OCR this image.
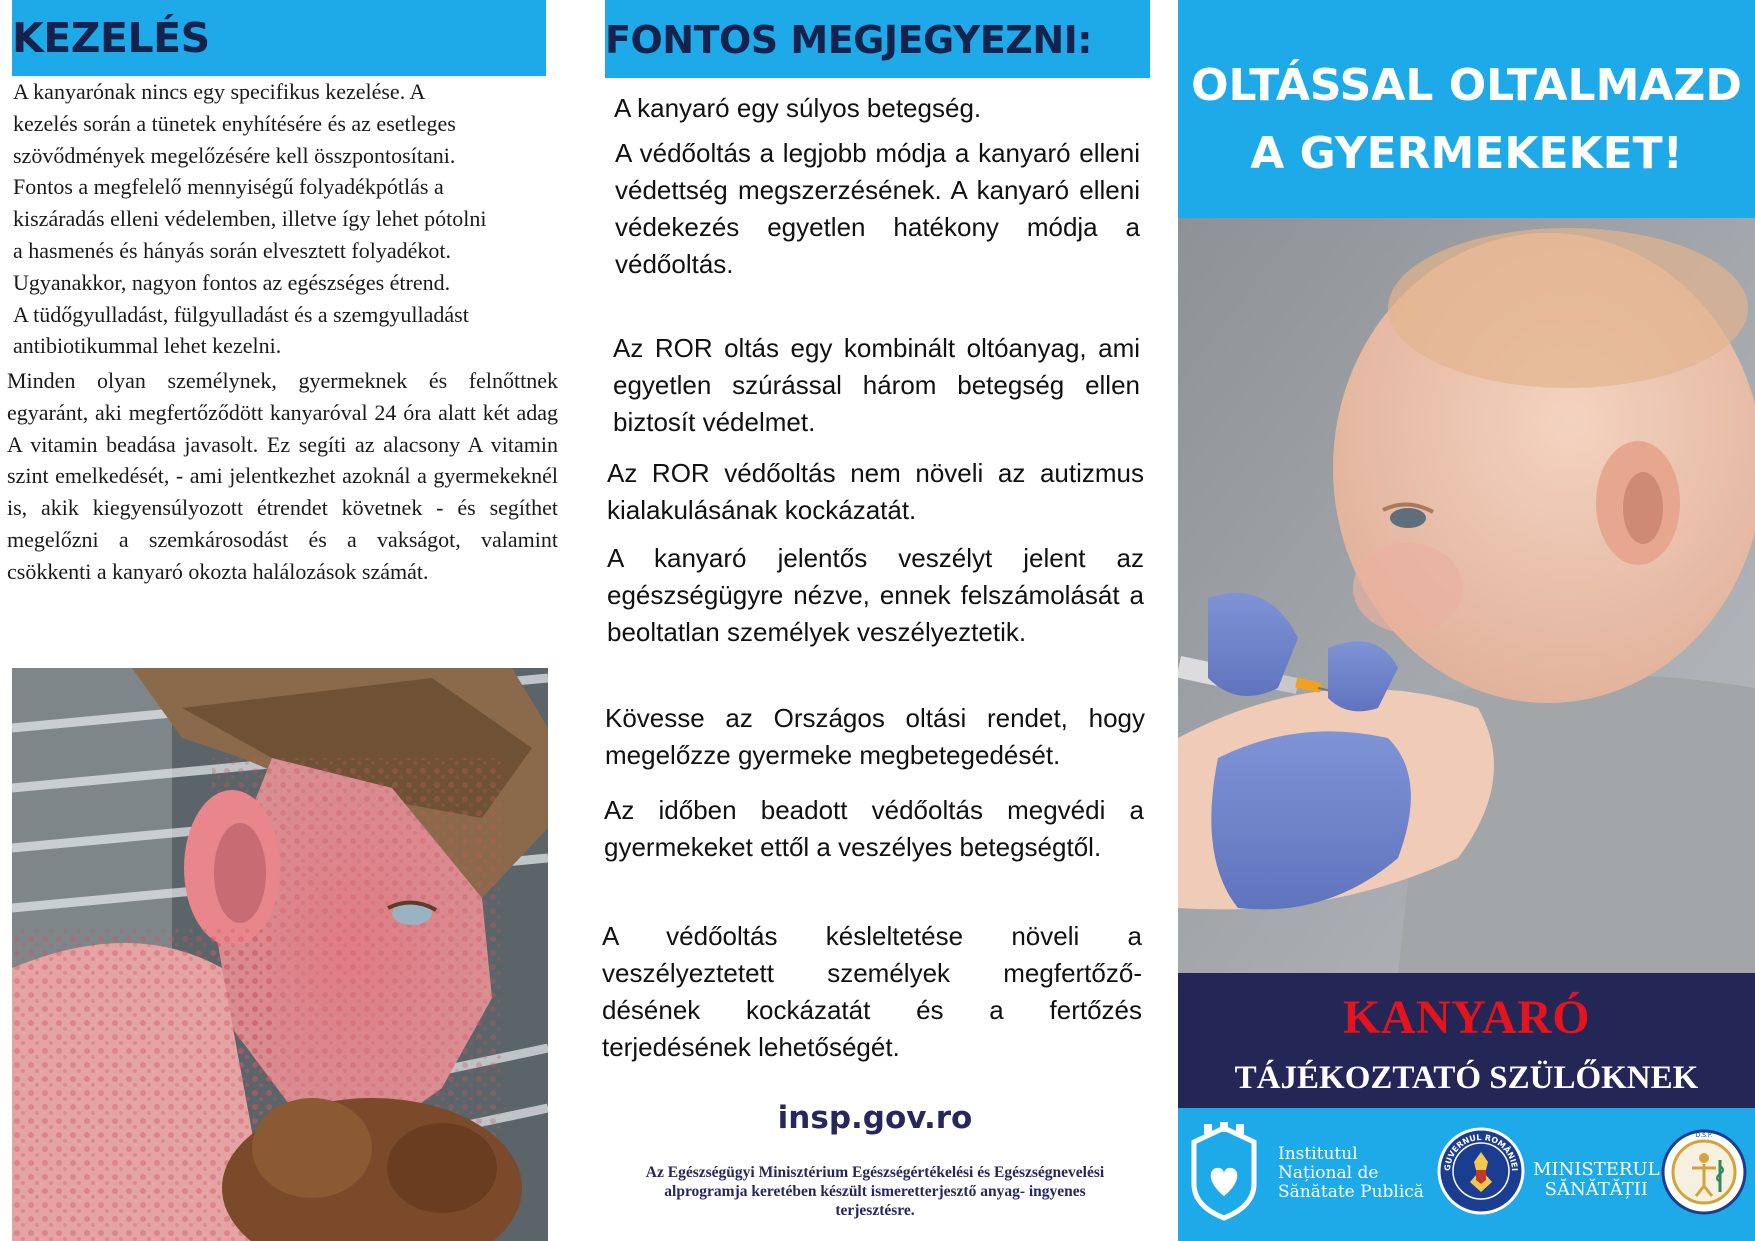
KEZELÉS

A kanyarónak nincs egy specifikus kezelése. A

kezelés során a tünetek enyhítésére és az esetleges

szövődmények megelőzésére kell összpontosítani.

Fontos a megfelelő mennyiségű folyadékpótlás a

kiszáradás elleni védelemben, illetve így lehet pótolni

a hasmenés és hányás során elvesztett folyadékot.

Ugyanakkor, nagyon fontos az egészséges étrend.

A tüdőgyulladást, fülgyulladást és a szemgyulladást

antibiotikummal lehet kezelni.

Minden olyan személynek, gyermeknek és felnőttnek egyaránt, aki megfertőződött kanyaróval 24 óra alatt két adag A vitamin beadása javasolt. Ez segíti az alacsony A vitamin szint emelkedését, - ami jelentkezhet azoknál a gyermekeknél is, akik kiegyensúlyozott étrendet követnek - és segíthet megelőzni a szemkárosodást és a vakságot, valamint csökkenti a kanyaró okozta halálozások számát.

FONTOS MEGJEGYEZNI:

A kanyaró egy súlyos betegség.

A védőoltás a legjobb módja a kanyaró elleni védettség megszerzésének. A kanyaró elleni védekezés egyetlen hatékony módja a védőoltás.

Az ROR oltás egy kombinált oltóanyag, ami egyetlen szúrással három betegség ellen biztosít védelmet.

Az ROR védőoltás nem növeli az autizmus kialakulásának kockázatát.

A kanyaró jelentős veszélyt jelent az egészségügyre nézve, ennek felszámolását a beoltatlan személyek veszélyeztetik.

Kövesse az Országos oltási rendet, hogy megelőzze gyermeke megbetegedését.

Az időben beadott védőoltás megvédi a gyermekeket ettől a veszélyes betegségtől.

A védőoltás késleltetése növeli a veszélyeztetett személyek megfertőző-désének kockázatát és a fertőzés terjedésének lehetőségét.

insp.gov.ro
Az Egészségügyi Minisztérium Egészségértékelési és Egészségnevelési
alprogramja keretében készült ismeretterjesztő anyag- ingyenes
terjesztésre.
OLTÁSSAL OLTALMAZD
A GYERMEKEKET!
KANYARÓ
TÁJÉKOZTATÓ SZÜLŐKNEK
Institutul
Național de
Sănătate Publică
GUVERNUL ROMÂNIEI MINISTERUL
SĂNĂTĂȚII
D.S.P.
